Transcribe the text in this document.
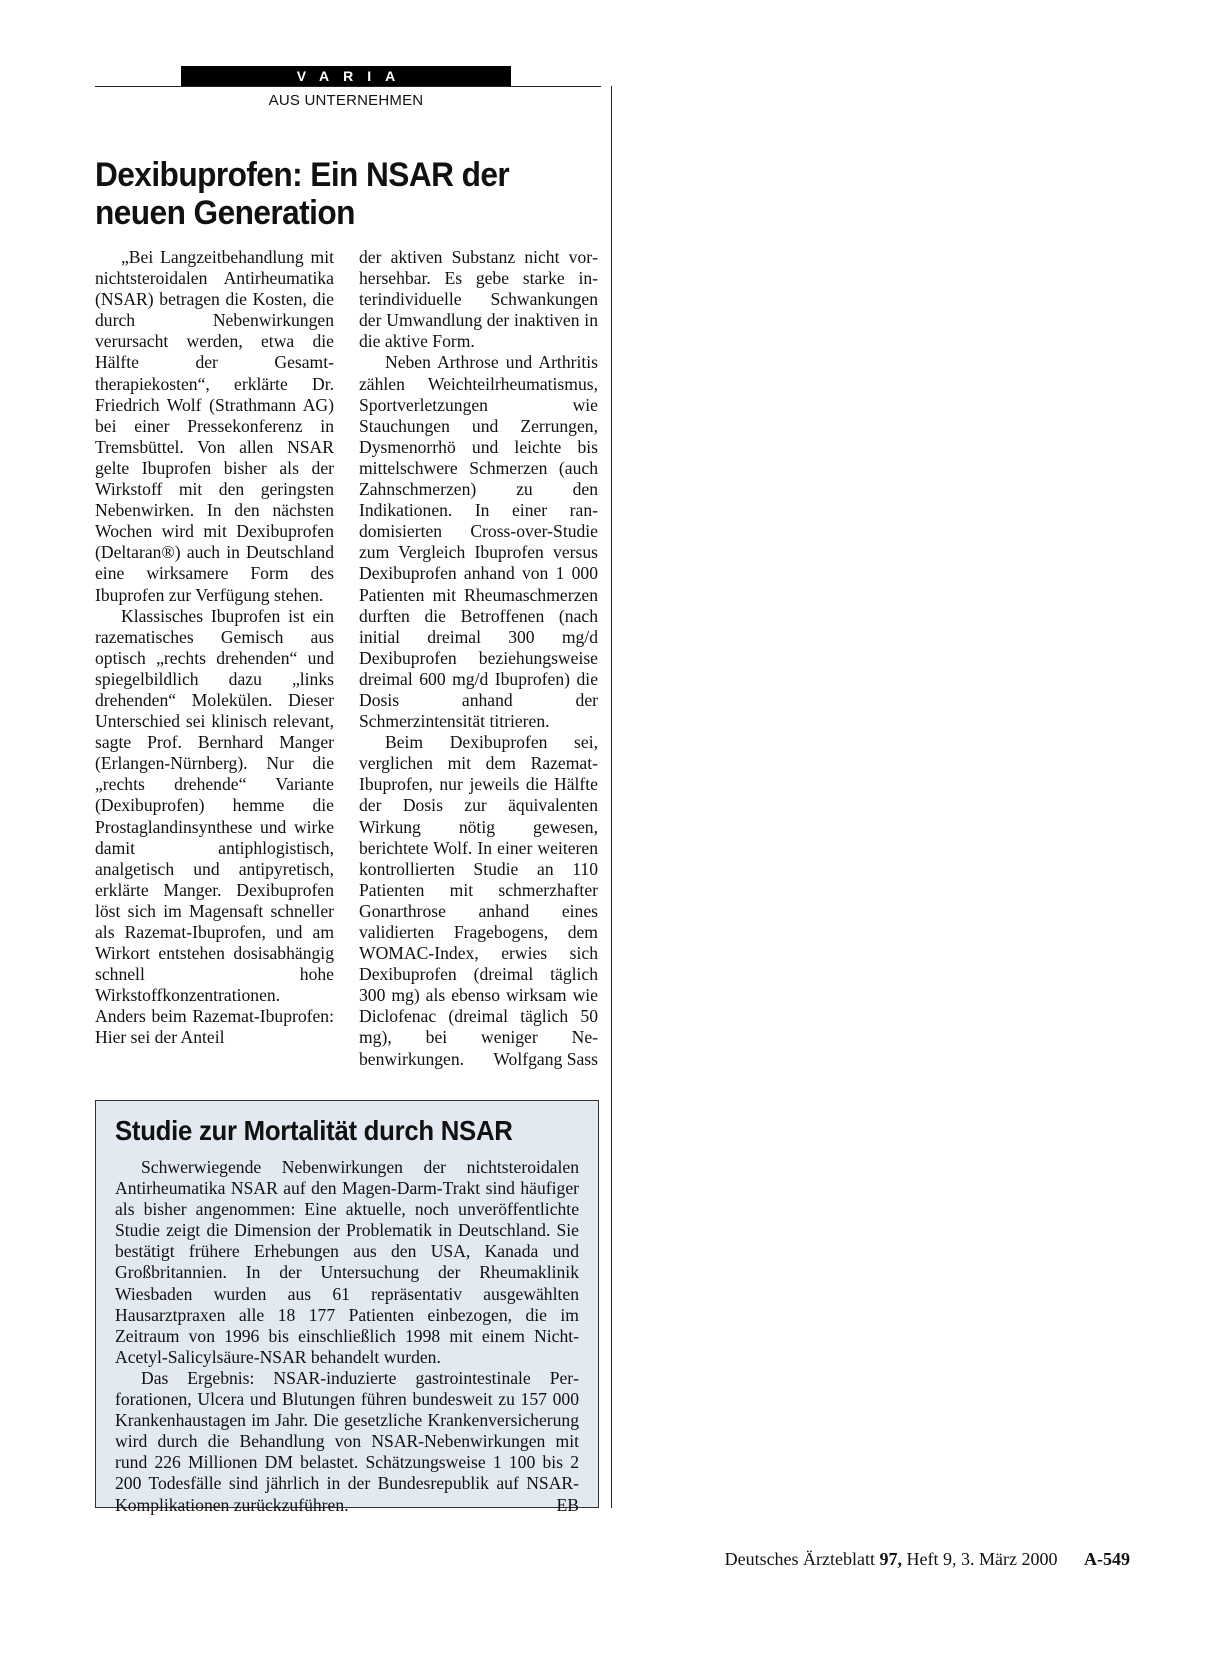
VARIA
AUS UNTERNEHMEN
Dexibuprofen: Ein NSAR der
neuen Generation

„Bei Langzeitbehandlung mit nichtsteroidalen Antirheumatika (NSAR) betragen die Kosten, die durch Nebenwirkungen verursacht werden, etwa die Hälfte der Gesamttherapiekosten“, erklärte Dr. Friedrich Wolf (Strathmann AG) bei einer Pressekonferenz in Tremsbüttel. Von allen NSAR gelte Ibuprofen bisher als der Wirkstoff mit den geringsten Nebenwirken. In den nächsten Wochen wird mit Dexibuprofen (Deltaran®) auch in Deutschland eine wirksamere Form des Ibuprofen zur Verfügung stehen.

Klassisches Ibuprofen ist ein razematisches Gemisch aus optisch „rechts drehenden“ und spiegelbildlich dazu „links drehenden“ Molekülen. Dieser Unterschied sei klinisch relevant, sagte Prof. Bernhard Manger (Erlangen-Nürnberg). Nur die „rechts drehende“ Variante (Dexibuprofen) hemme die Prostaglandinsynthese und wirke damit antiphlogistisch, analgetisch und antipyretisch, erklärte Manger. Dexibuprofen löst sich im Magensaft schneller als Razemat-Ibuprofen, und am Wirkort entstehen dosisabhängig schnell hohe Wirkstoffkonzentrationen. Anders beim Razemat-Ibuprofen: Hier sei der Anteil

der aktiven Substanz nicht vorhersehbar. Es gebe starke interindividuelle Schwankungen der Umwandlung der inaktiven in die aktive Form.

Neben Arthrose und Arthritis zählen Weichteilrheumatismus, Sportverletzungen wie Stauchungen und Zerrungen, Dysmenorrhö und leichte bis mittelschwere Schmerzen (auch Zahnschmerzen) zu den Indikationen. In einer randomisierten Cross-over-Studie zum Vergleich Ibuprofen versus Dexibuprofen anhand von 1 000 Patienten mit Rheumaschmerzen durften die Betroffenen (nach initial dreimal 300 mg/d Dexibuprofen beziehungsweise dreimal 600 mg/d Ibuprofen) die Dosis anhand der Schmerzintensität titrieren.

Beim Dexibuprofen sei, verglichen mit dem Razemat-Ibuprofen, nur jeweils die Hälfte der Dosis zur äquivalenten Wirkung nötig gewesen, berichtete Wolf. In einer weiteren kontrollierten Studie an 110 Patienten mit schmerzhafter Gonarthrose anhand eines validierten Fragebogens, dem WOMAC-Index, erwies sich Dexibuprofen (dreimal täglich 300 mg) als ebenso wirksam wie Diclofenac (dreimal täglich 50 mg), bei weniger Nebenwirkungen.	Wolfgang Sass

Studie zur Mortalität durch NSAR

Schwerwiegende Nebenwirkungen der nichtsteroidalen Antirheumatika NSAR auf den Magen-Darm-Trakt sind häufiger als bisher angenommen: Eine aktuelle, noch unveröffentlichte Studie zeigt die Dimension der Problematik in Deutschland. Sie bestätigt frühere Erhebungen aus den USA, Kanada und Großbritannien. In der Untersuchung der Rheumaklinik Wiesbaden wurden aus 61 repräsentativ ausgewählten Hausarztpraxen alle 18 177 Patienten einbezogen, die im Zeitraum von 1996 bis einschließlich 1998 mit einem Nicht-Acetyl-Salicylsäure-NSAR behandelt wurden.

Das Ergebnis: NSAR-induzierte gastrointestinale Perforationen, Ulcera und Blutungen führen bundesweit zu 157 000 Krankenhaustagen im Jahr. Die gesetzliche Krankenversicherung wird durch die Behandlung von NSAR-Nebenwirkungen mit rund 226 Millionen DM belastet. Schätzungsweise 1 100 bis 2 200 Todesfälle sind jährlich in der Bundesrepublik auf NSAR-Komplikationen zurückzuführen.	EB

Deutsches Ärzteblatt 97, Heft 9, 3. März 2000 A-549
